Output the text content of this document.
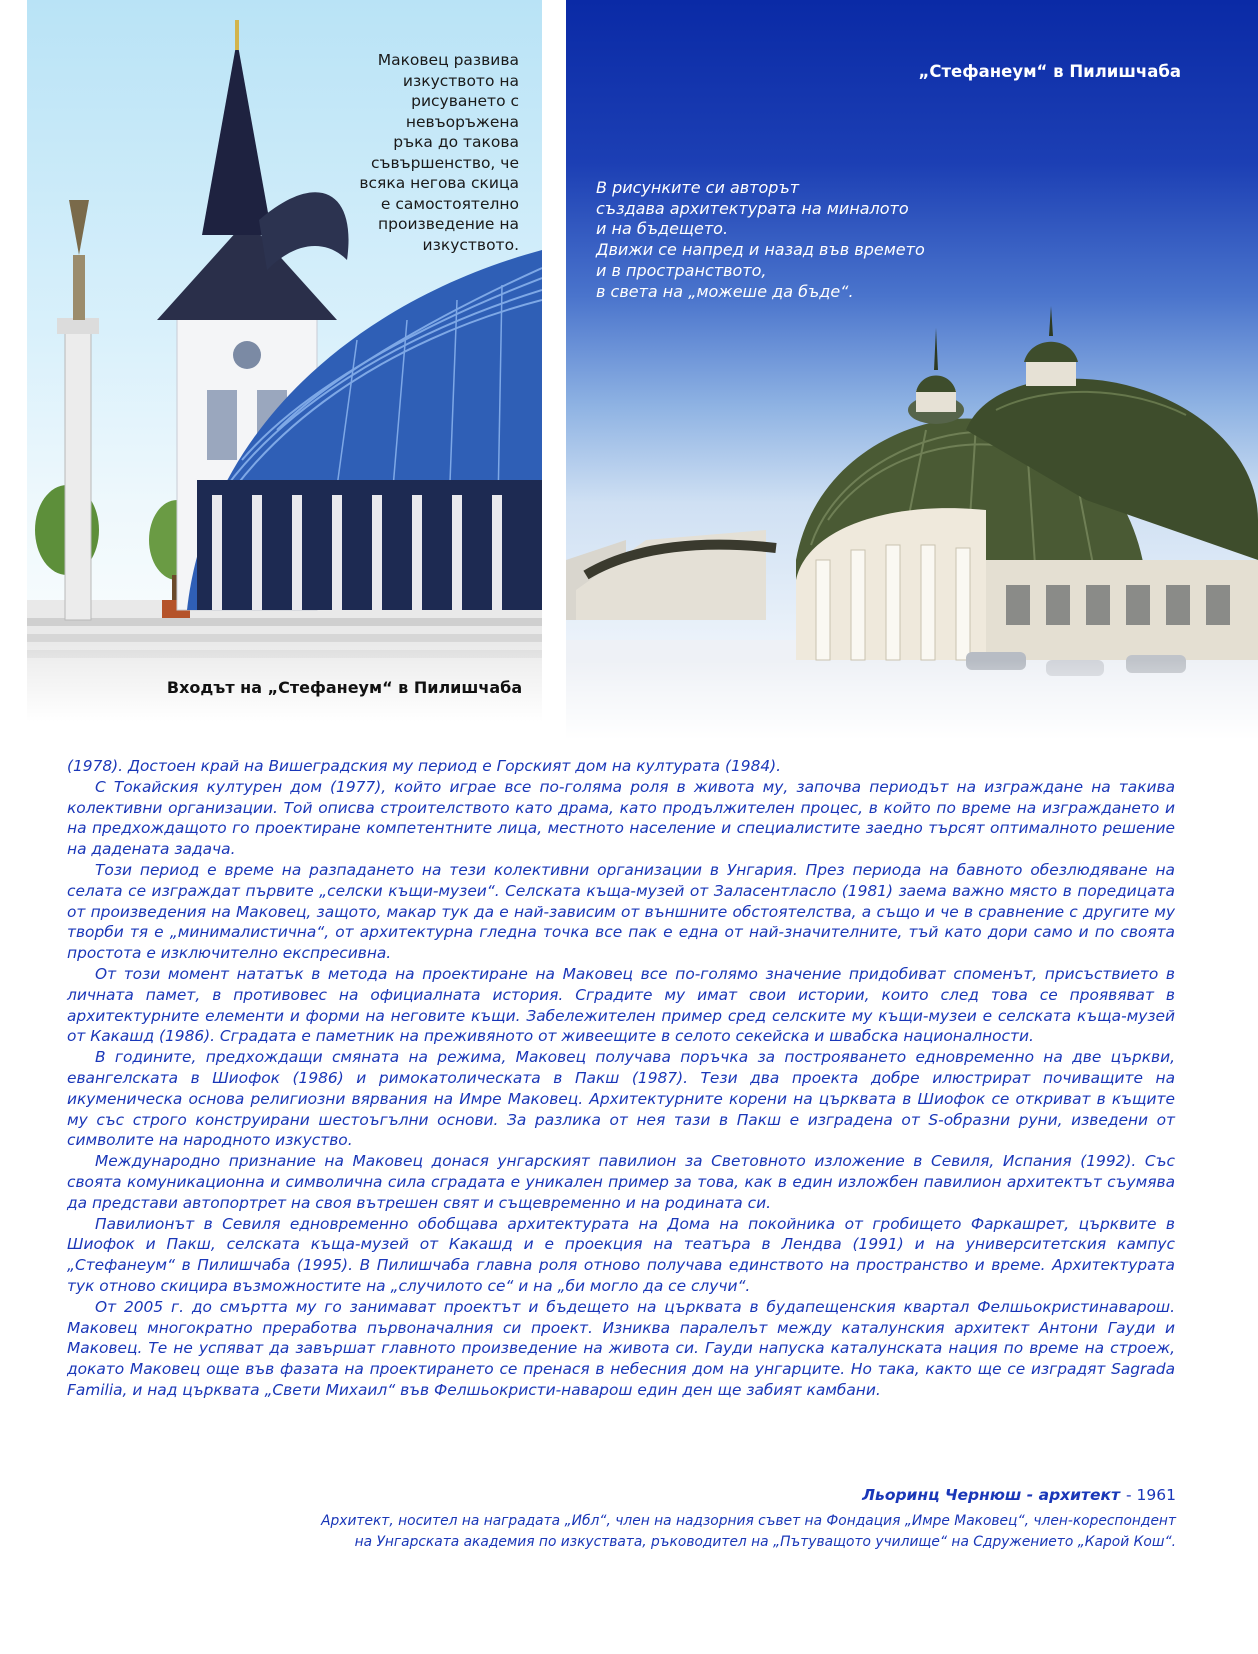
Маковец развива
изкуството на
рисуването с
невъоръжена
ръка до такова
съвършенство, че
всяка негова скица
е самостоятелно
произведение на
изкуството.
Входът на „Стефанеум“ в Пилишчаба
„Стефанеум“ в Пилишчаба
В рисунките си авторът
създава архитектурата на миналото
и на бъдещето.
Движи се напред и назад във времето
и в пространството,
в света на „можеше да бъде“.

(1978). Достоен край на Вишеградския му период е Горският дом на културата (1984).

С Токайския културен дом (1977), който играе все по-голяма роля в живота му, започва периодът на изграждане на такива колективни организации. Той описва строителството като драма, като продължителен процес, в който по време на изграждането и на предхождащото го проектиране компетентните лица, местното население и специалистите заедно търсят оптималното решение на дадената задача.

Този период е време на разпадането на тези колективни организации в Унгария. През периода на бавното обезлюдяване на селата се изграждат първите „селски къщи-музеи“. Селската къща-музей от Заласентласло (1981) заема важно място в поредицата от произведения на Маковец, защото, макар тук да е най-зависим от външните обстоятелства, а също и че в сравнение с другите му творби тя е „минималистична“, от архитектурна гледна точка все пак е една от най-значителните, тъй като дори само и по своята простота е изключително експресивна.

От този момент нататък в метода на проектиране на Маковец все по-голямо значение придобиват споменът, присъствието в личната памет, в противовес на официалната история. Сградите му имат свои истории, които след това се проявяват в архитектурните елементи и форми на неговите къщи. Забележителен пример сред селските му къщи-музеи е селската къща-музей от Какашд (1986). Сградата е паметник на преживяното от живеещите в селото секейска и швабска националности.

В годините, предхождащи смяната на режима, Маковец получава поръчка за построяването едновременно на две църкви, евангелската в Шиофок (1986) и римокатолическата в Пакш (1987). Тези два проекта добре илюстрират почиващите на икуменическа основа религиозни вярвания на Имре Маковец. Архитектурните корени на църквата в Шиофок се откриват в къщите му със строго конструирани шестоъгълни основи. За разлика от нея тази в Пакш е изградена от S-образни руни, изведени от символите на народното изкуство.

Международно признание на Маковец донася унгарският павилион за Световното изложение в Севиля, Испания (1992). Със своята комуникационна и символична сила сградата е уникален пример за това, как в един изложбен павилион архитектът съумява да представи автопортрет на своя вътрешен свят и същевременно и на родината си.

Павилионът в Севиля едновременно обобщава архитектурата на Дома на покойника от гробището Фаркашрет, църквите в Шиофок и Пакш, селската къща-музей от Какашд и е проекция на театъра в Лендва (1991) и на университетския кампус „Стефанеум“ в Пилишчаба (1995). В Пилишчаба главна роля отново получава единството на пространство и време. Архитектурата тук отново скицира възможностите на „случилото се“ и на „би могло да се случи“.

От 2005 г. до смъртта му го занимават проектът и бъдещето на църквата в будапещенския квартал Фелшьокристинаварош. Маковец многократно преработва първоначалния си проект. Изниква паралелът между каталунския архитект Антони Гауди и Маковец. Те не успяват да завършат главното произведение на живота си. Гауди напуска каталунската нация по време на строеж, докато Маковец още във фазата на проектирането се пренася в небесния дом на унгарците. Но така, както ще се изградят Sagrada Familia, и над църквата „Свети Михаил“ във Фелшьокристи-наварош един ден ще забият камбани.

Льоринц Чернюш - архитект - 1961
Архитект, носител на наградата „Ибл“, член на надзорния съвет на Фондация „Имре Маковец“, член-кореспондент
на Унгарската академия по изкуствата, ръководител на „Пътуващото училище“ на Сдружението „Карой Кош“.
